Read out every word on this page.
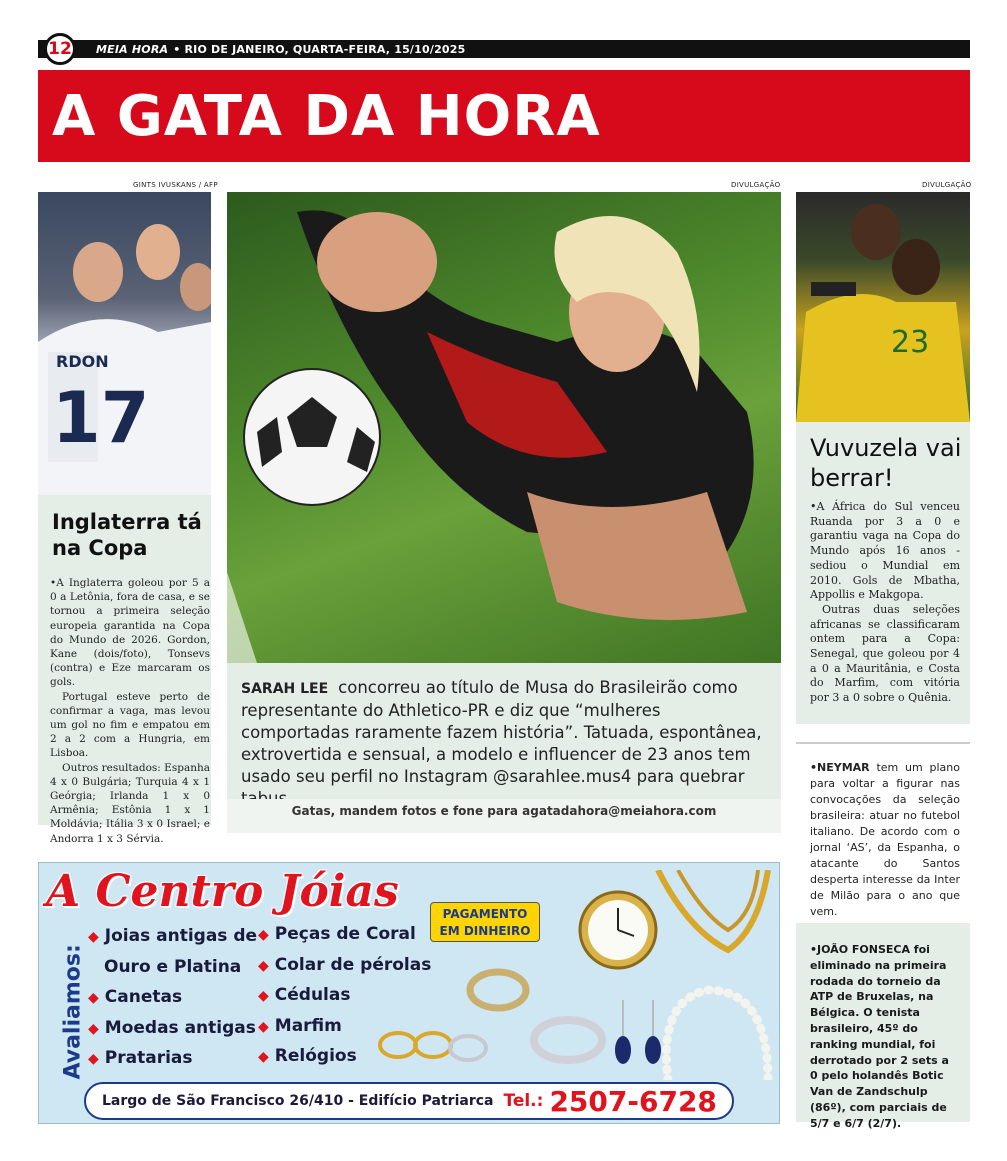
12	MEIA HORA • RIO DE JANEIRO, QUARTA-FEIRA, 15/10/2025
A GATA DA HORA
GINTS IVUSKANS / AFP	DIVULGAÇÃO	DIVULGAÇÃO
RDON
17
Inglaterra tá na Copa

•A Inglaterra goleou por 5 a 0 a Letônia, fora de casa, e se tornou a primeira seleção europeia garantida na Copa do Mundo de 2026. Gordon, Kane (dois/foto), Tonsevs (contra) e Eze marcaram os gols.

Portugal esteve perto de confirmar a vaga, mas levou um gol no fim e empatou em 2 a 2 com a Hungria, em Lisboa.

Outros resultados: Espanha 4 x 0 Bulgária; Turquia 4 x 1 Geórgia; Irlanda 1 x 0 Armênia; Estônia 1 x 1 Moldávia; Itália 3 x 0 Israel; e Andorra 1 x 3 Sérvia.

SARAH LEE concorreu ao título de Musa do Brasileirão como representante do Athletico-PR e diz que “mulheres comportadas raramente fazem história”. Tatuada, espontânea, extrovertida e sensual, a modelo e influencer de 23 anos tem usado seu perfil no Instagram @sarahlee.mus4 para quebrar
Gatas, mandem fotos e fone para agatadahora@meiahora.com
23
Vuvuzela vai berrar!

•A África do Sul venceu Ruanda por 3 a 0 e garantiu vaga na Copa do Mundo após 16 anos - sediou o Mundial em 2010. Gols de Mbatha, Appollis e Makgopa.

Outras duas seleções africanas se classificaram ontem para a Copa: Senegal, que goleou por 4 a 0 a Mauritânia, e Costa do Marfim, com vitória por 3 a 0 sobre o Quênia.

•NEYMAR tem um plano para voltar a figurar nas convocações da seleção brasileira: atuar no futebol italiano. De acordo com o jornal ‘AS’, da Espanha, o atacante do Santos desperta interesse da Inter de Milão para o ano que vem.
•JOÃO FONSECA foi eliminado na primeira rodada do torneio da ATP de Bruxelas, na Bélgica. O tenista brasileiro, 45º do ranking mundial, foi derrotado por 2 sets a 0 pelo holandês Botic Van de Zandschulp (86º), com parciais de 5/7 e 6/7 (2/7).
A Centro Jóias
Avaliamos:
◆ Joias antigas de
Ouro e Platina
◆ Canetas
◆ Moedas antigas
◆ Pratarias
◆ Peças de Coral
◆ Colar de pérolas
◆ Cédulas
◆ Marfim
◆ Relógios
PAGAMENTO EM DINHEIRO
Largo de São Francisco 26/410 - Edifício Patriarca Tel.: 2507-6728
